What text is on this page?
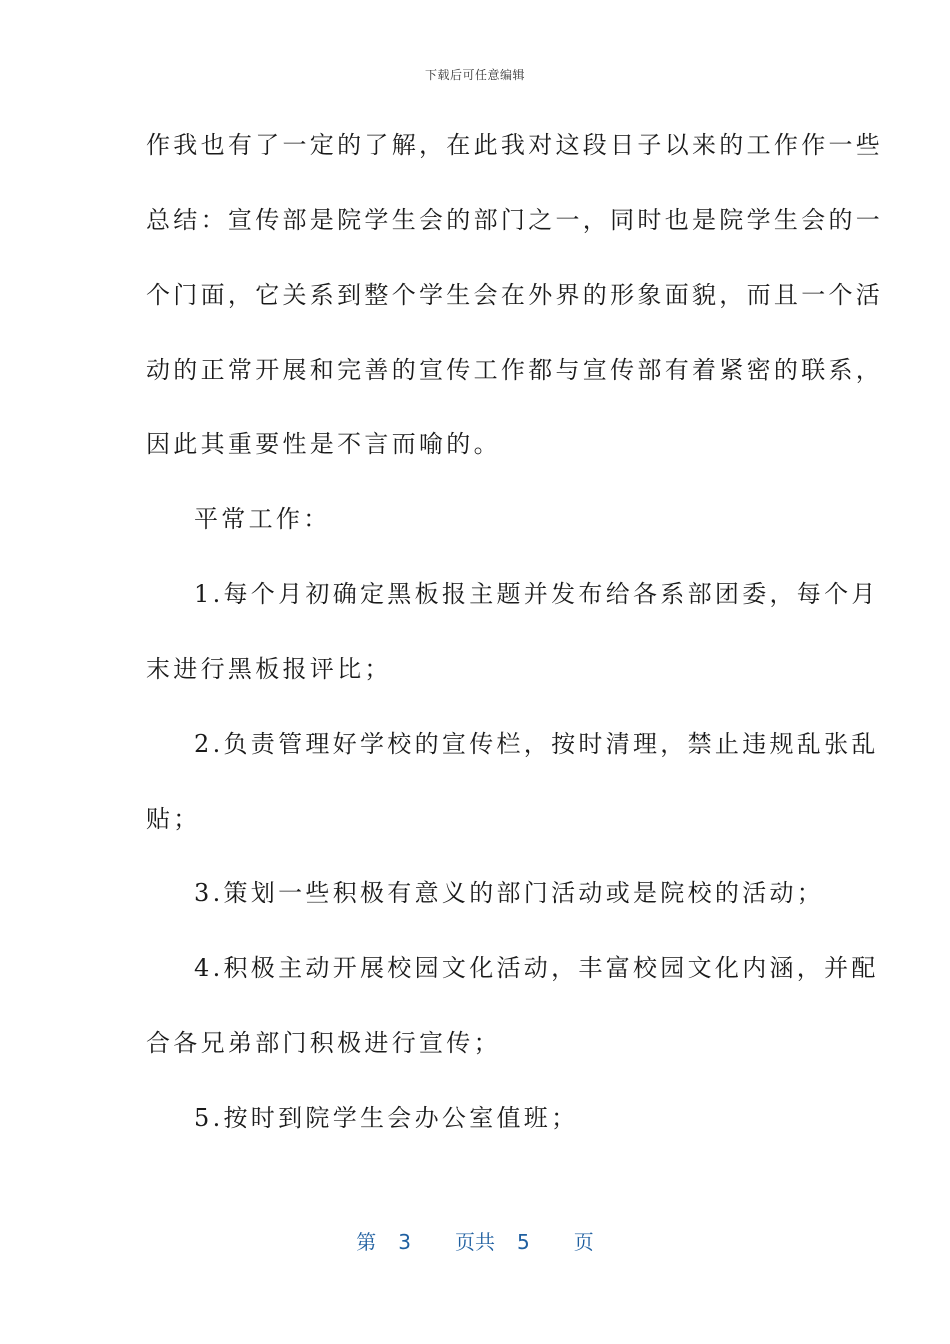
下载后可任意编辑
作我也有了一定的了解，在此我对这段日子以来的工作作一些
总结：宣传部是院学生会的部门之一，同时也是院学生会的一
个门面，它关系到整个学生会在外界的形象面貌，而且一个活
动的正常开展和完善的宣传工作都与宣传部有着紧密的联系，
因此其重要性是不言而喻的。
平常工作：
1.每个月初确定黑板报主题并发布给各系部团委，每个月
末进行黑板报评比；
2.负责管理好学校的宣传栏，按时清理，禁止违规乱张乱
贴；
3.策划一些积极有意义的部门活动或是院校的活动；
4.积极主动开展校园文化活动，丰富校园文化内涵，并配
合各兄弟部门积极进行宣传；
5.按时到院学生会办公室值班；
第 3 页共 5 页
